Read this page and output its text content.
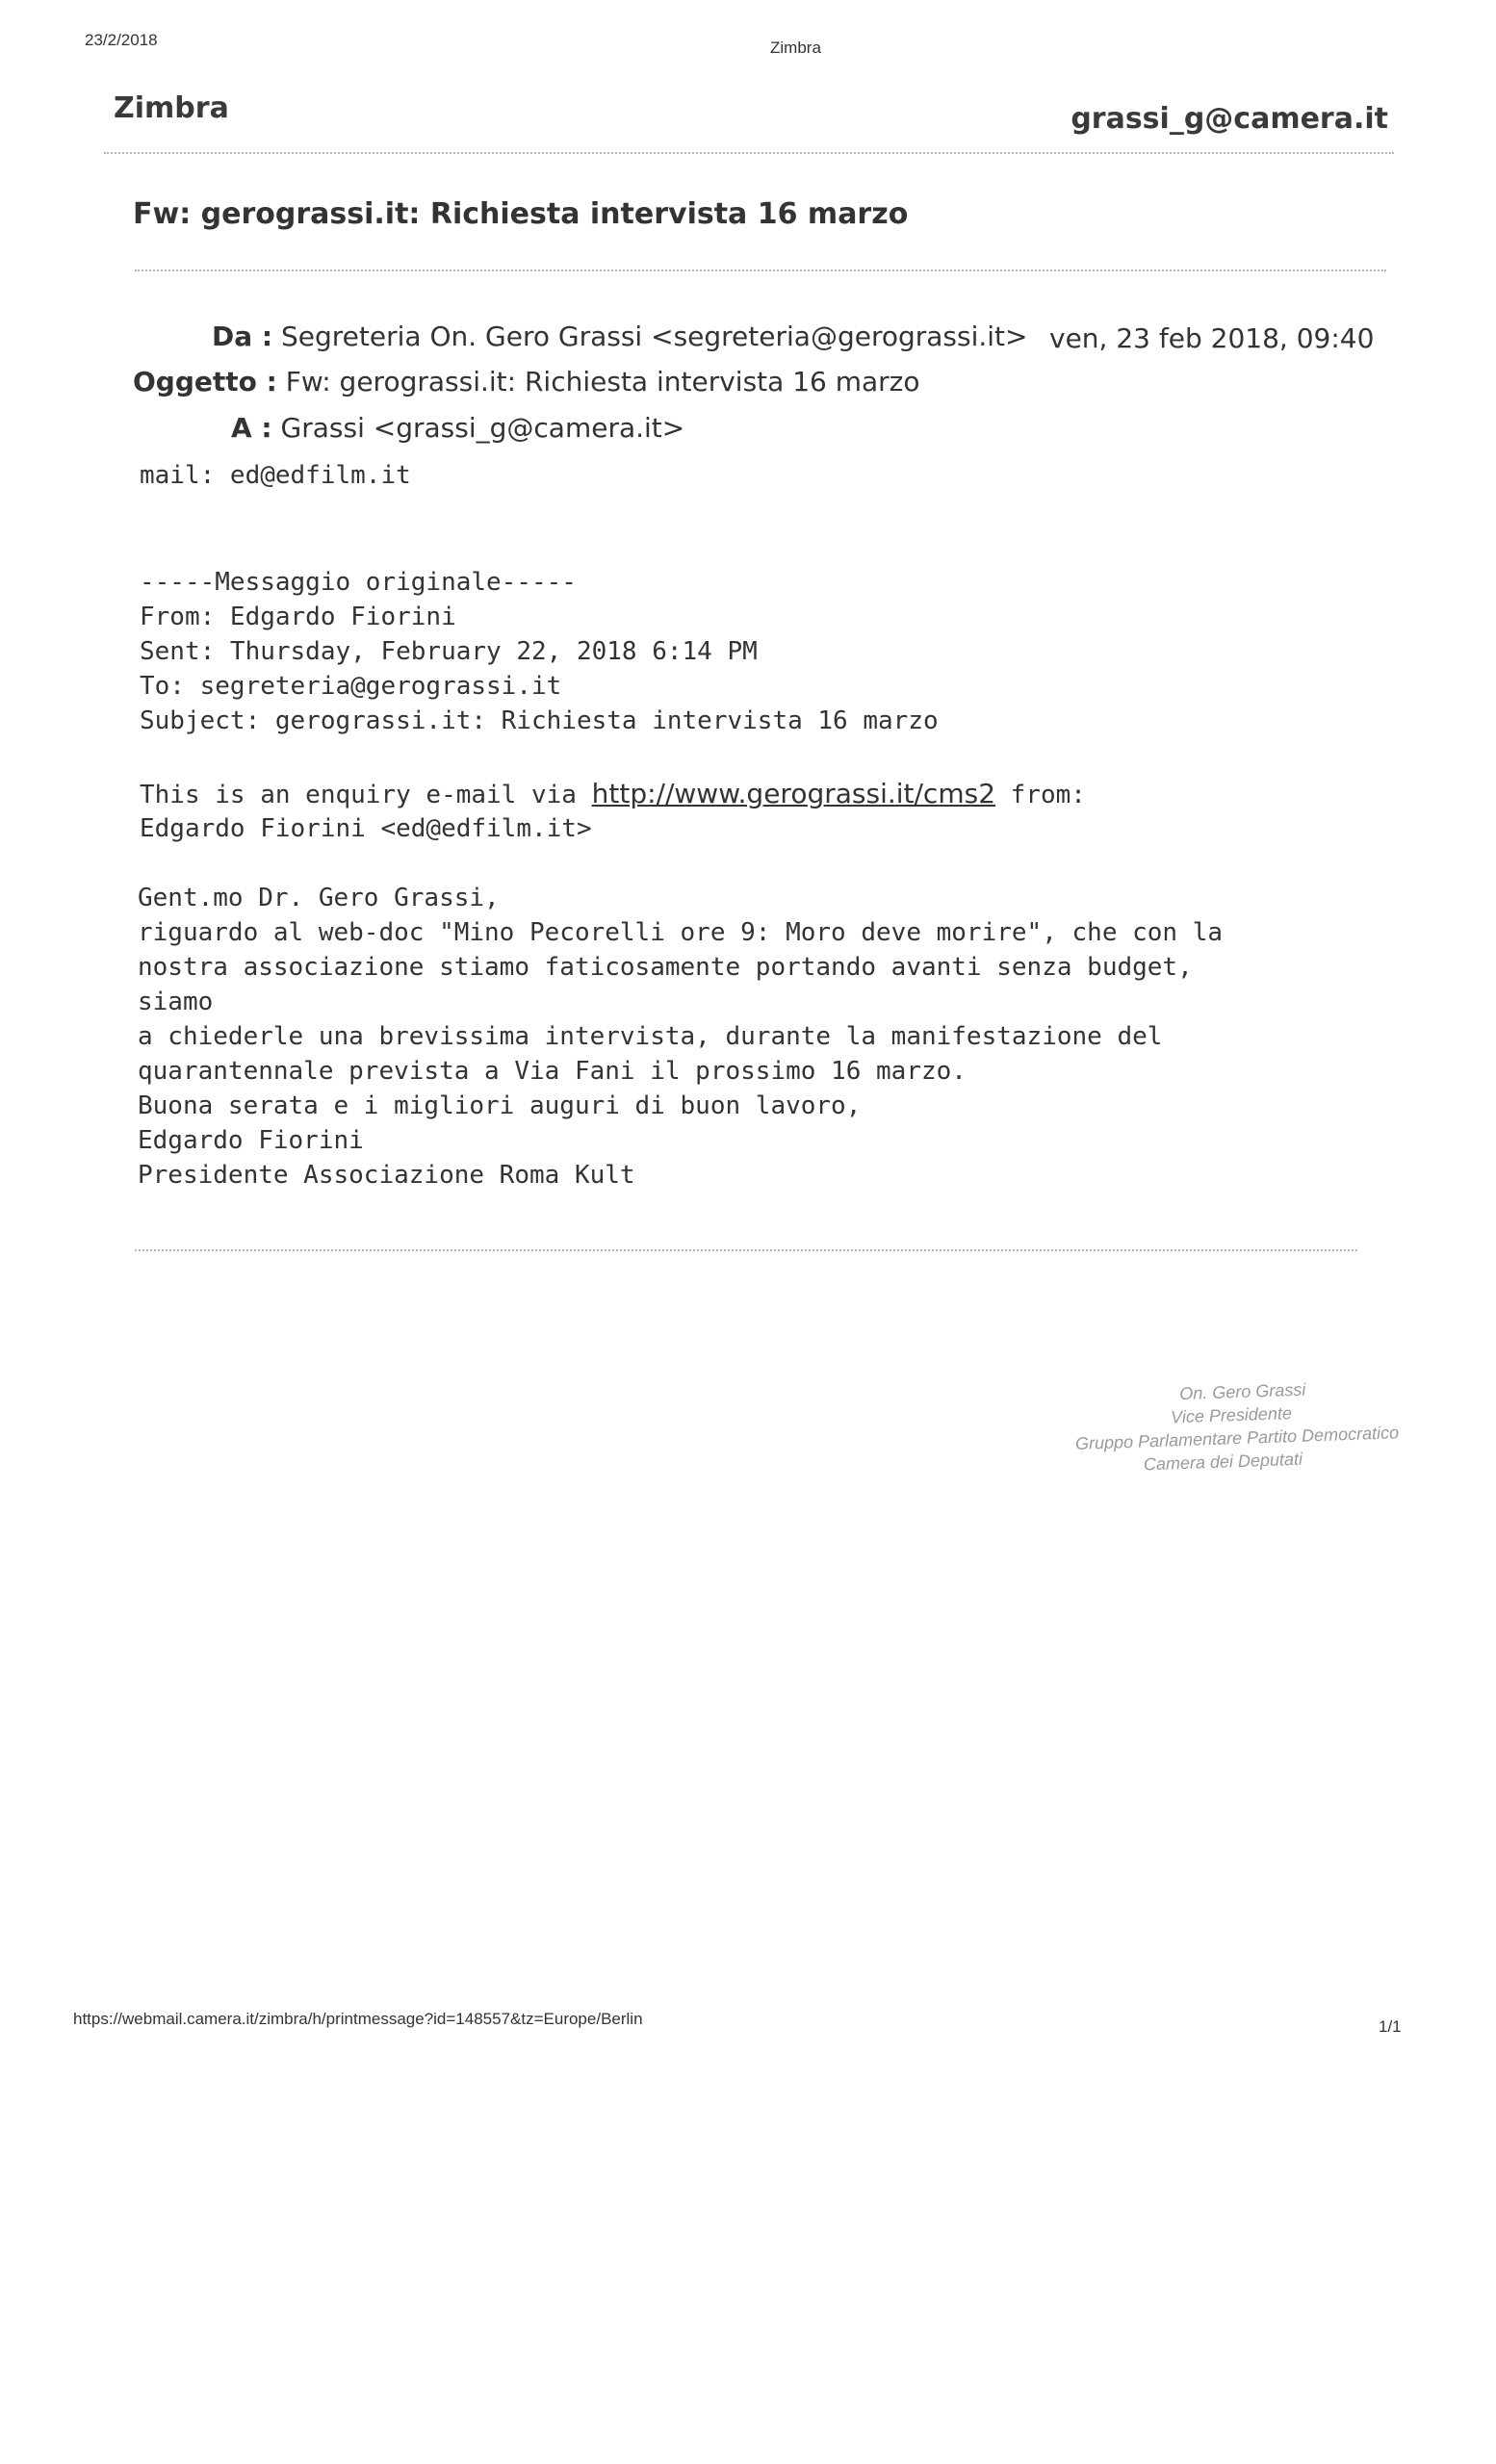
23/2/2018	Zimbra
Zimbra	grassi_g@camera.it
Fw: gerograssi.it: Richiesta intervista 16 marzo
Da : Segreteria On. Gero Grassi <segreteria@gerograssi.it> ven, 23 feb 2018, 09:40
Oggetto : Fw: gerograssi.it: Richiesta intervista 16 marzo
A : Grassi <grassi_g@camera.it>
mail: ed@edfilm.it
-----Messaggio originale-----
From: Edgardo Fiorini
Sent: Thursday, February 22, 2018 6:14 PM
To: segreteria@gerograssi.it
Subject: gerograssi.it: Richiesta intervista 16 marzo
This is an enquiry e-mail via http://www.gerograssi.it/cms2 from:
Edgardo Fiorini <ed@edfilm.it>
Gent.mo Dr. Gero Grassi,
riguardo al web-doc "Mino Pecorelli ore 9: Moro deve morire", che con la
nostra associazione stiamo faticosamente portando avanti senza budget,
siamo
a chiederle una brevissima intervista, durante la manifestazione del
quarantennale prevista a Via Fani il prossimo 16 marzo.
Buona serata e i migliori auguri di buon lavoro,
Edgardo Fiorini
Presidente Associazione Roma Kult
On. Gero Grassi
Vice Presidente
Gruppo Parlamentare Partito Democratico
Camera dei Deputati
https://webmail.camera.it/zimbra/h/printmessage?id=148557&tz=Europe/Berlin	1/1
